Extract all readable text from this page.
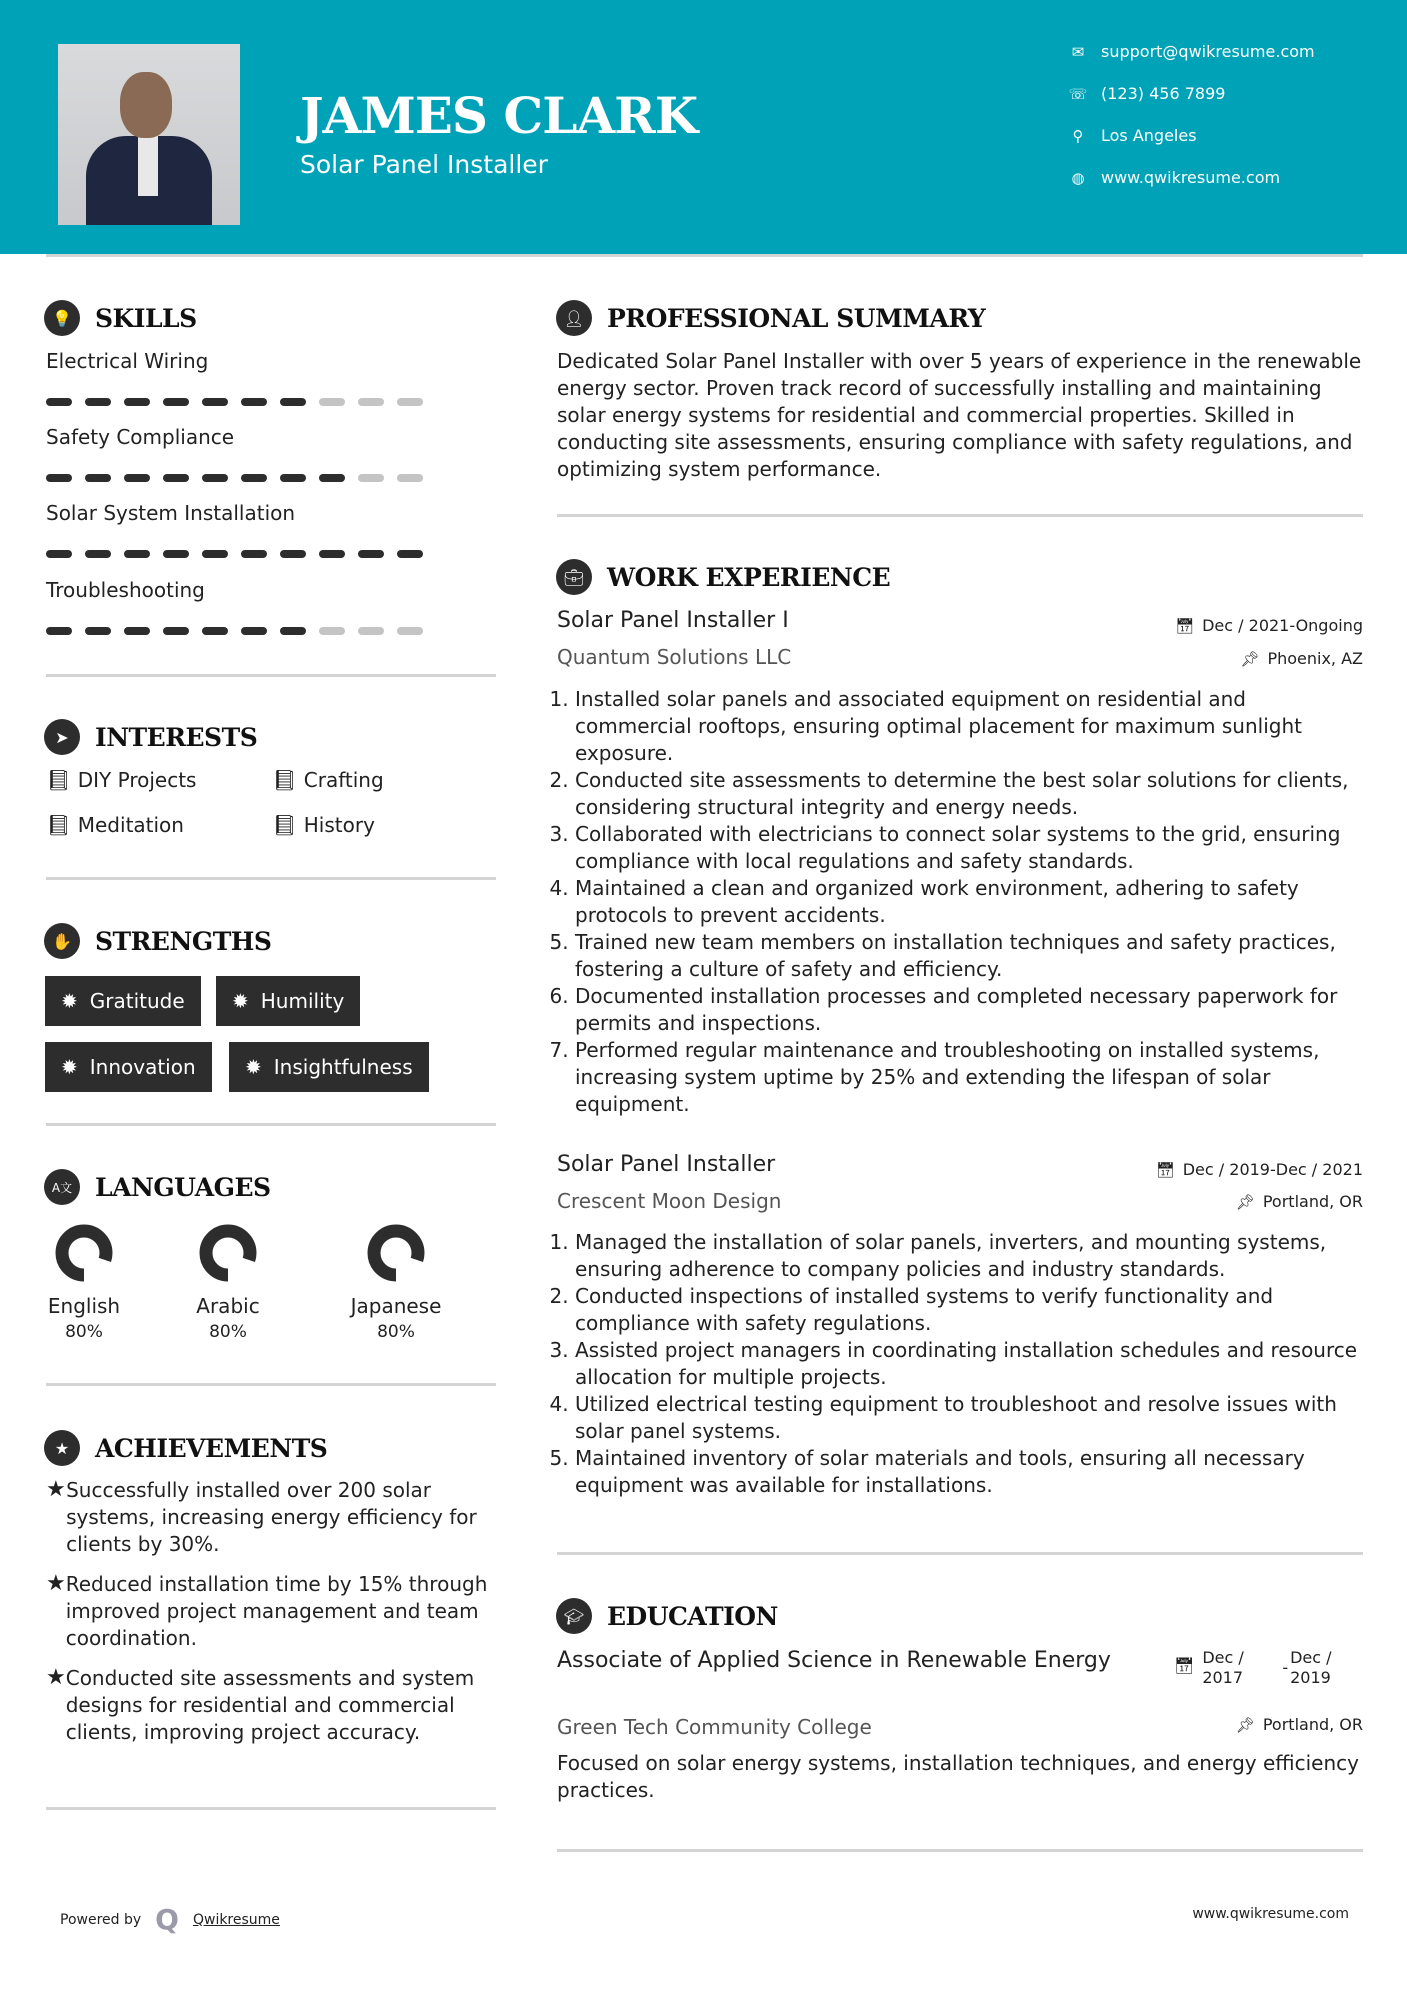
JAMES CLARK
Solar Panel Installer
✉	support@qwikresume.com
☏ (123) 456 7899
⚲	Los Angeles
◍	www.qwikresume.com
💡 SKILLS
Electrical Wiring
Safety Compliance
Solar System Installation
Troubleshooting
➤	INTERESTS
📘︎ DIY Projects	📘︎ Crafting
📘︎ Meditation	📘︎ History
✋ STRENGTHS
✹ Gratitude ✹ Humility
✹ Innovation ✹ Insightfulness
A文 LANGUAGES
English
80%
Arabic
80%
Japanese
80%
★	ACHIEVEMENTS
★ Successfully installed over 200 solar systems, increasing energy efficiency for clients by 30%.
★ Reduced installation time by 15% through improved project management and team coordination.
★ Conducted site assessments and system designs for residential and commercial clients, improving project accuracy.
👤︎ PROFESSIONAL SUMMARY
Dedicated Solar Panel Installer with over 5 years of experience in the renewable energy sector. Proven track record of successfully installing and maintaining solar energy systems for residential and commercial properties. Skilled in conducting site assessments, ensuring compliance with safety regulations, and optimizing system performance.
💼︎ WORK EXPERIENCE
Solar Panel Installer I
Quantum Solutions LLC
📅︎ Dec / 2021-Ongoing
📌︎ Phoenix, AZ
1. Installed solar panels and associated equipment on residential and commercial rooftops, ensuring optimal placement for maximum sunlight exposure.
2. Conducted site assessments to determine the best solar solutions for clients, considering structural integrity and energy needs.
3. Collaborated with electricians to connect solar systems to the grid, ensuring compliance with local regulations and safety standards.
4. Maintained a clean and organized work environment, adhering to safety protocols to prevent accidents.
5. Trained new team members on installation techniques and safety practices, fostering a culture of safety and efficiency.
6. Documented installation processes and completed necessary paperwork for permits and inspections.
7. Performed regular maintenance and troubleshooting on installed systems, increasing system uptime by 25% and extending the lifespan of solar equipment.
Solar Panel Installer
Crescent Moon Design
📅︎ Dec / 2019-Dec / 2021
📌︎ Portland, OR
1. Managed the installation of solar panels, inverters, and mounting systems, ensuring adherence to company policies and industry standards.
2. Conducted inspections of installed systems to verify functionality and compliance with safety regulations.
3. Assisted project managers in coordinating installation schedules and resource allocation for multiple projects.
4. Utilized electrical testing equipment to troubleshoot and resolve issues with solar panel systems.
5. Maintained inventory of solar materials and tools, ensuring all necessary equipment was available for installations.
🎓︎ EDUCATION
Associate of Applied Science in Renewable Energy
Green Tech Community College
📅︎ Dec / 2017
-
Dec / 2019
📌︎ Portland, OR
Focused on solar energy systems, installation techniques, and energy efficiency practices.
Powered by Q Qwikresume	www.qwikresume.com
